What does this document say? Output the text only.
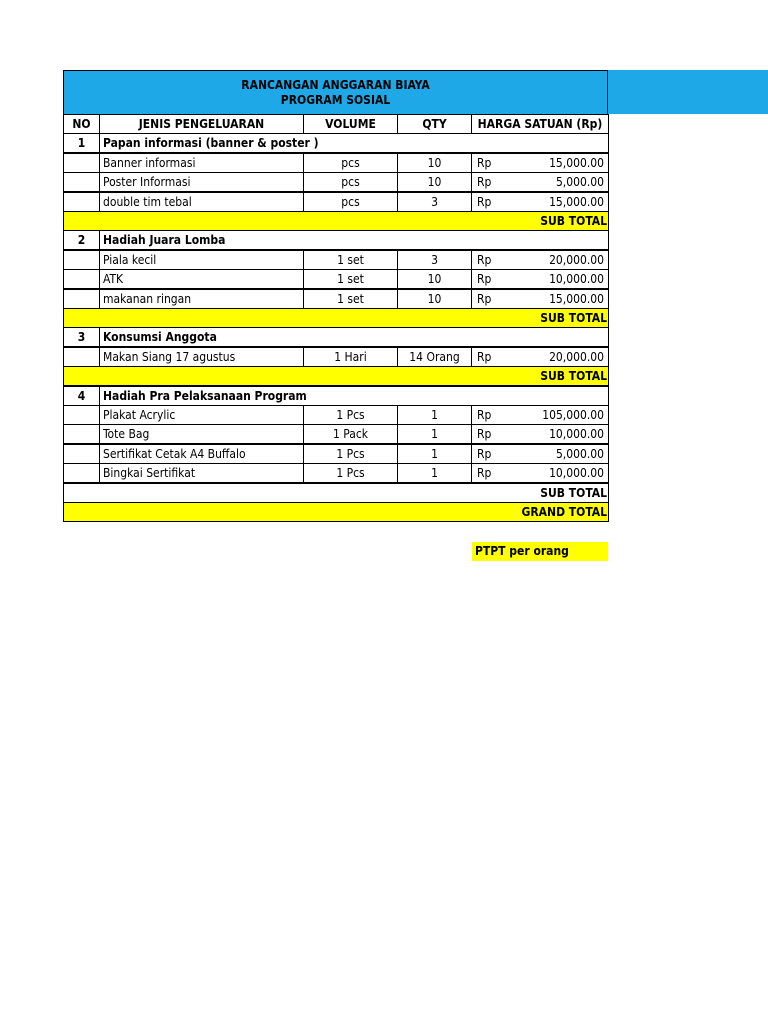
RANCANGAN ANGGARAN BIAYA
PROGRAM SOSIAL
NO	JENIS PENGELUARAN	VOLUME	QTY	HARGA SATUAN (Rp)
1	Papan informasi (banner & poster )
Banner informasi	pcs	10	Rp	15,000.00
Poster Informasi	pcs	10	Rp	5,000.00
double tim tebal	pcs	3	Rp	15,000.00
SUB TOTAL
2	Hadiah Juara Lomba
Piala kecil	1 set	3	Rp	20,000.00
ATK	1 set	10	Rp	10,000.00
makanan ringan	1 set	10	Rp	15,000.00
SUB TOTAL
3	Konsumsi Anggota
Makan Siang 17 agustus	1 Hari	14 Orang	Rp	20,000.00
SUB TOTAL
4	Hadiah Pra Pelaksanaan Program
Plakat Acrylic	1 Pcs	1	Rp	105,000.00
Tote Bag	1 Pack	1	Rp	10,000.00
Sertifikat Cetak A4 Buffalo	1 Pcs	1	Rp	5,000.00
Bingkai Sertifikat	1 Pcs	1	Rp	10,000.00
SUB TOTAL
GRAND TOTAL
PTPT per orang
